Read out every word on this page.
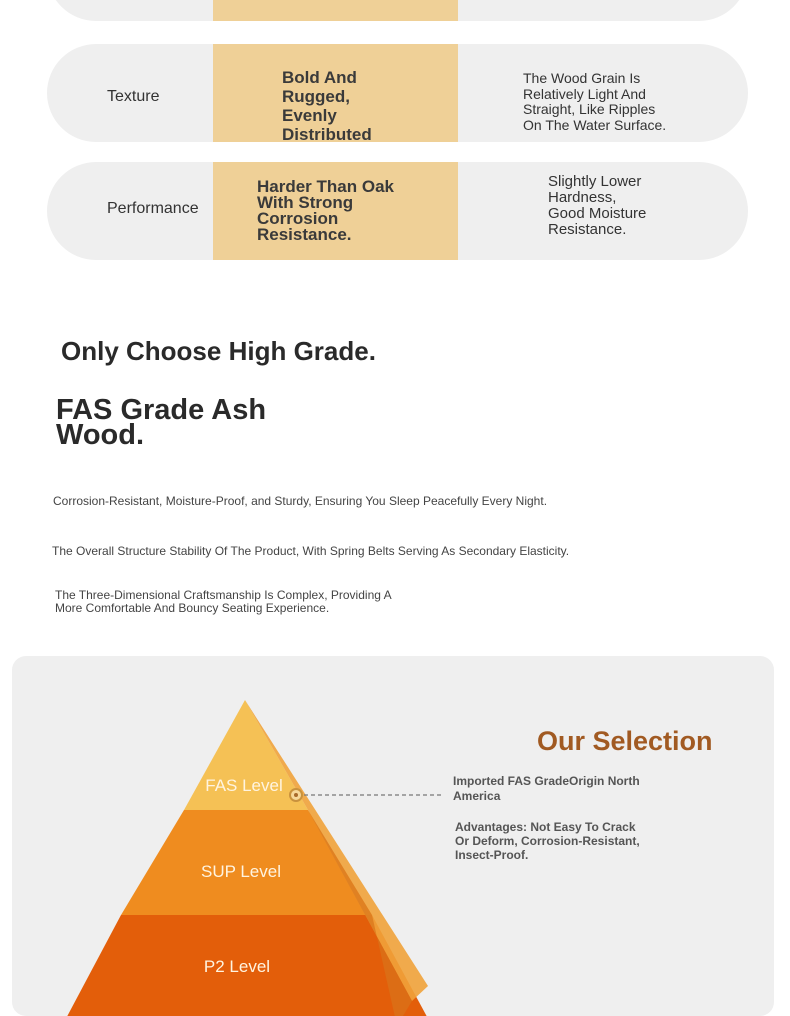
Texture
Bold And
Rugged,
Evenly
Distributed
The Wood Grain Is
Relatively Light And
Straight, Like Ripples
On The Water Surface.
Performance
Harder Than Oak
With Strong
Corrosion
Resistance.
Slightly Lower
Hardness,
Good Moisture
Resistance.
Only Choose High Grade.
FAS Grade Ash
Wood.
Corrosion-Resistant, Moisture-Proof, and Sturdy, Ensuring You Sleep Peacefully Every Night.
The Overall Structure Stability Of The Product, With Spring Belts Serving As Secondary Elasticity.
The Three-Dimensional Craftsmanship Is Complex, Providing A
More Comfortable And Bouncy Seating Experience.
FAS Level
SUP Level
P2 Level
Our Selection
Imported FAS GradeOrigin North
America
Advantages: Not Easy To Crack
Or Deform, Corrosion-Resistant,
Insect-Proof.
